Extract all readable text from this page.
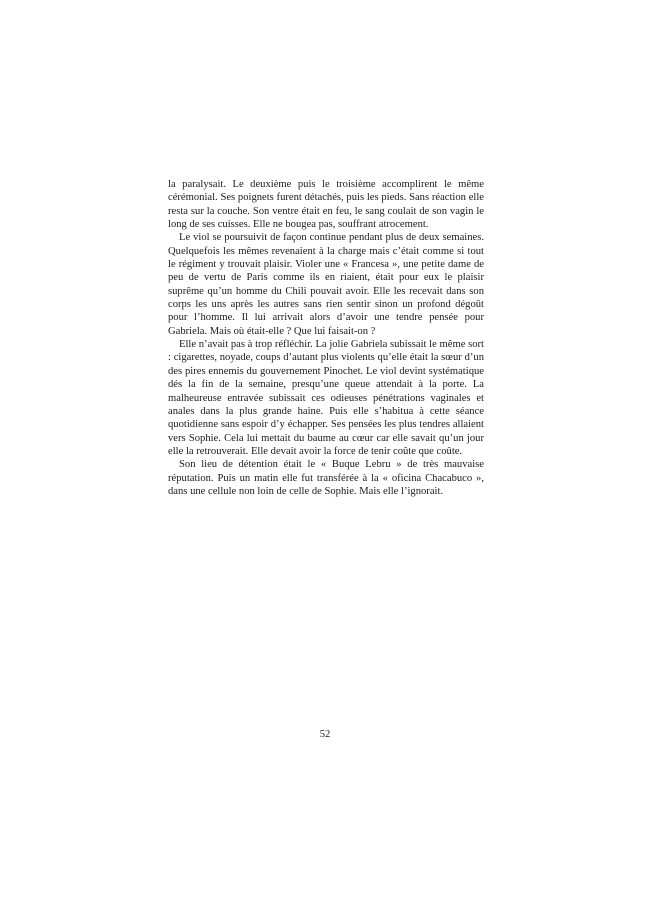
la paralysait. Le deuxième puis le troisième accomplirent le même cérémonial. Ses poignets furent détachés, puis les pieds. Sans réaction elle resta sur la couche. Son ventre était en feu, le sang coulait de son vagin le long de ses cuisses. Elle ne bougea pas, souffrant atrocement.

Le viol se poursuivit de façon continue pendant plus de deux semaines. Quelquefois les mêmes revenaient à la charge mais c’était comme si tout le régiment y trouvait plaisir. Violer une « Francesa », une petite dame de peu de vertu de Paris comme ils en riaient, était pour eux le plaisir suprême qu’un homme du Chili pouvait avoir. Elle les recevait dans son corps les uns après les autres sans rien sentir sinon un profond dégoût pour l’homme. Il lui arrivait alors d’avoir une tendre pensée pour Gabriela. Mais où était-elle ? Que lui faisait-on ?

Elle n’avait pas à trop réfléchir. La jolie Gabriela subissait le même sort : cigarettes, noyade, coups d’autant plus violents qu’elle était la sœur d’un des pires ennemis du gouvernement Pinochet. Le viol devint systématique dés la fin de la semaine, presqu’une queue attendait à la porte. La malheureuse entravée subissait ces odieuses pénétrations vaginales et anales dans la plus grande haine. Puis elle s’habitua à cette séance quotidienne sans espoir d’y échapper. Ses pensées les plus tendres allaient vers Sophie. Cela lui mettait du baume au cœur car elle savait qu’un jour elle la retrouverait. Elle devait avoir la force de tenir coûte que coûte.

Son lieu de détention était le « Buque Lebru » de très mauvaise réputation. Puis un matin elle fut transférée à la « oficina Chacabuco », dans une cellule non loin de celle de Sophie. Mais elle l’ignorait.

52
